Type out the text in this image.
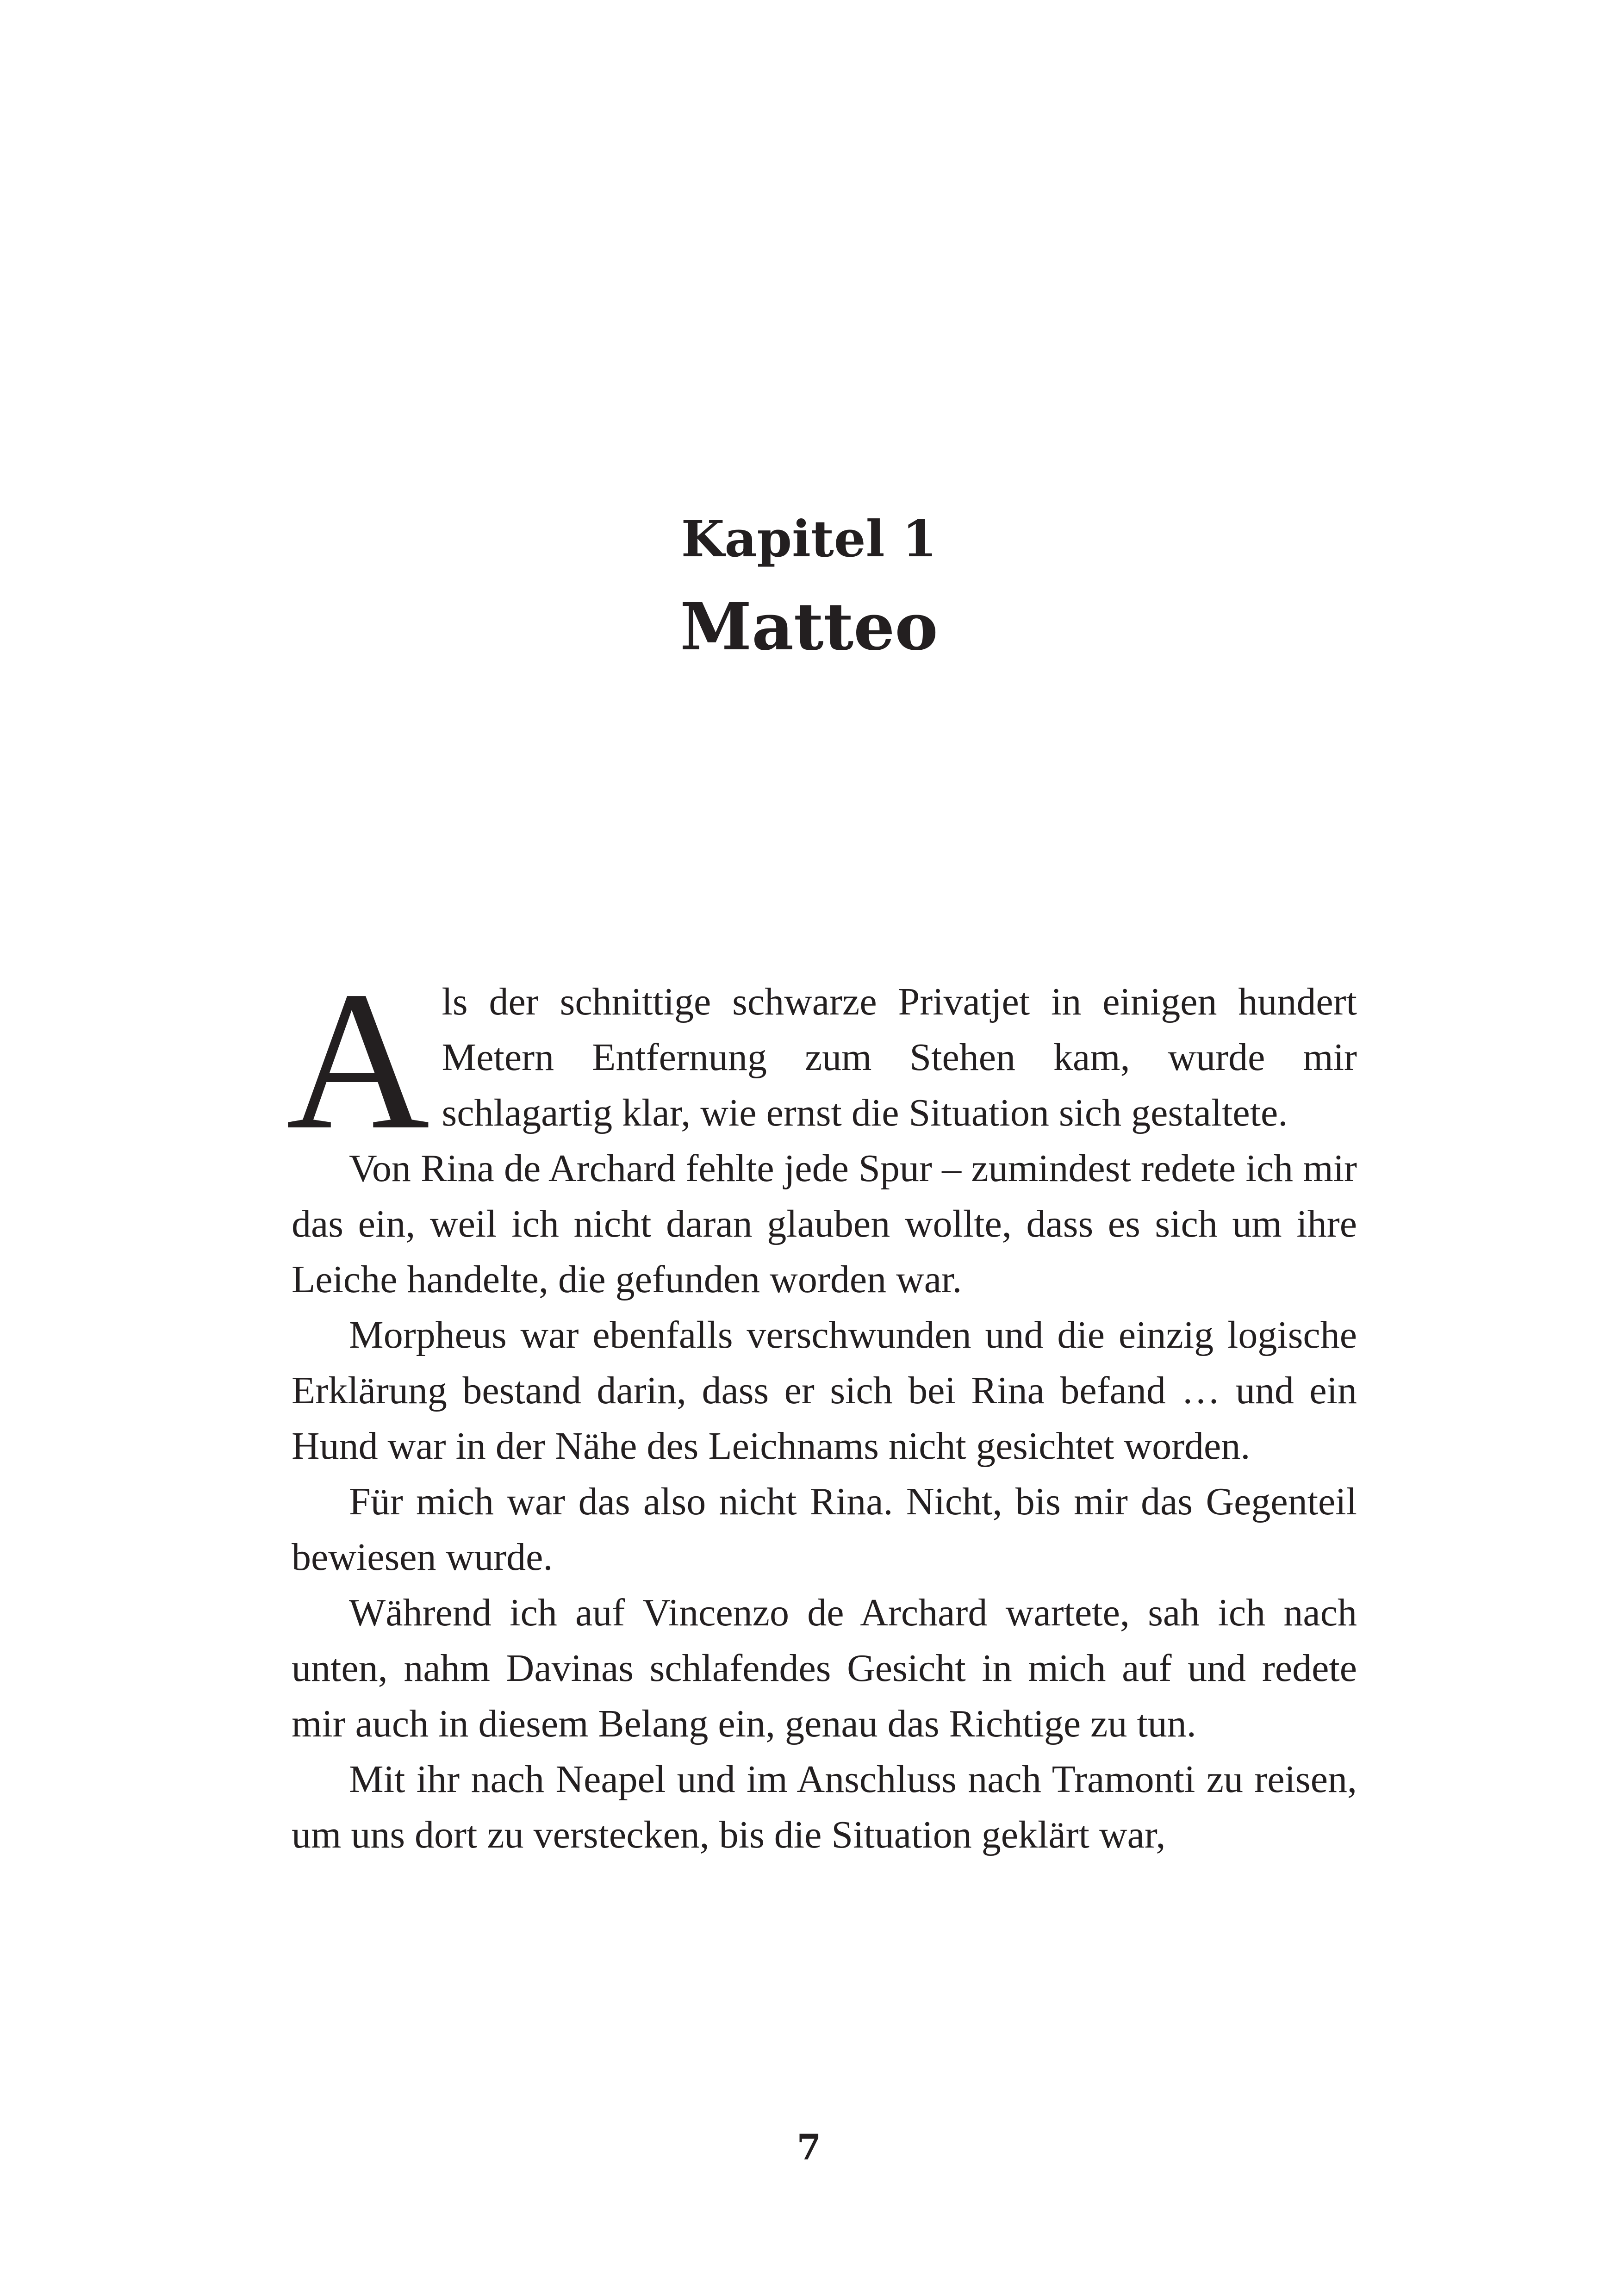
Kapitel 1
Matteo

Als der schnittige schwarze Privatjet in einigen hundert Metern Entfernung zum Stehen kam, wurde mir schlagartig klar, wie ernst die Situation sich gestaltete.

Von Rina de Archard fehlte jede Spur – zumindest redete ich mir das ein, weil ich nicht daran glauben wollte, dass es sich um ihre Leiche handelte, die gefunden worden war.

Morpheus war ebenfalls verschwunden und die einzig logische Erklärung bestand darin, dass er sich bei Rina befand … und ein Hund war in der Nähe des Leichnams nicht gesichtet worden.

Für mich war das also nicht Rina. Nicht, bis mir das Gegenteil bewiesen wurde.

Während ich auf Vincenzo de Archard wartete, sah ich nach unten, nahm Davinas schlafendes Gesicht in mich auf und redete mir auch in diesem Belang ein, genau das Richtige zu tun.

Mit ihr nach Neapel und im Anschluss nach Tramonti zu reisen, um uns dort zu verstecken, bis die Situation geklärt war,

7
